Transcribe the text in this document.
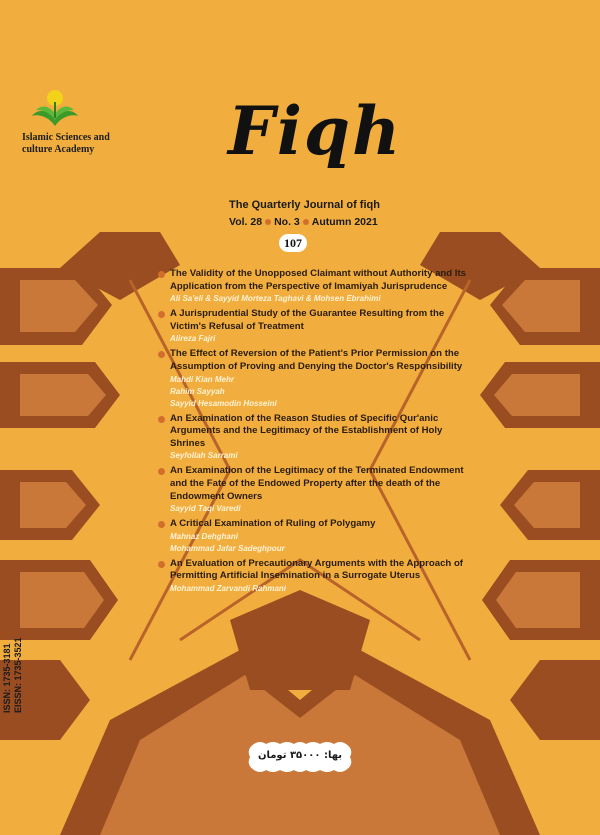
Islamic Sciences and
culture Academy Fiqh
The Quarterly Journal of fiqh
Vol. 28 No. 3 Autumn 2021
107

The Validity of the Unopposed Claimant without Authority and Its Application from the Perspective of Imamiyah Jurisprudence

Ali Sa'eli & Sayyid Morteza Taghavi & Mohsen Ebrahimi

A Jurisprudential Study of the Guarantee Resulting from the Victim's Refusal of Treatment

Alireza Fajri

The Effect of Reversion of the Patient's Prior Permission on the Assumption of Proving and Denying the Doctor's Responsibility

Mahdi Kian Mehr

Rahim Sayyah

Sayyid Hesamodin Hosseini

An Examination of the Reason Studies of Specific Qur'anic Arguments and the Legitimacy of the Establishment of Holy Shrines

Seyfollah Sarrami

An Examination of the Legitimacy of the Terminated Endowment and the Fate of the Endowed Property after the death of the Endowment Owners

Sayyid Taqi Varedi

A Critical Examination of Ruling of Polygamy

Mahnaz Dehghani

Mohammad Jafar Sadeghpour

An Evaluation of Precautionary Arguments with the Approach of Permitting Artificial Insemination in a Surrogate Uterus

Mohammad Zarvandi Rahmani

ISSN: 1735-3181 EISSN: 1735-3521
بها: ۳۵۰۰۰ تومان
